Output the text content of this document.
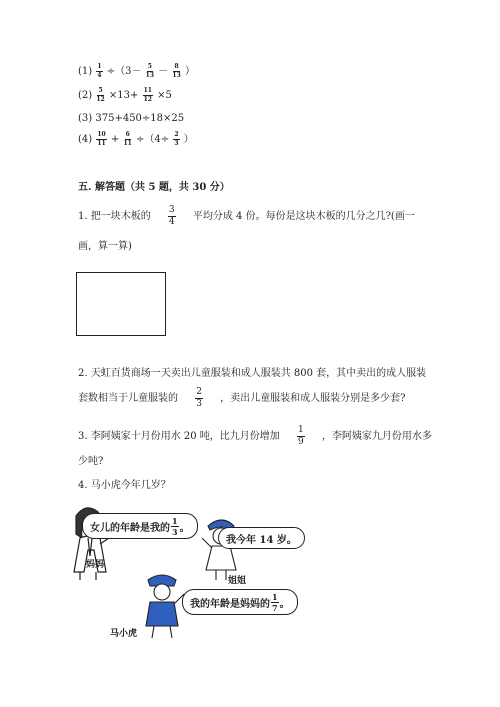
$(1) \frac{1}{4} \div(3- \frac{5}{13} - \frac{8}{13}$ ）
$(2) \frac{5}{12} \times 13+ \frac{11}{12} \times 5$
(3) 375+450÷18×25
$(4) \frac{10}{11} + \frac{6}{11} \div(4\div \frac{2}{3}$ ）
五. 解答题（共 5 题，共 30 分）
1. 把一块木板的 $\frac{3}{4}$ 平均分成 4 份。每份是这块木板的几分之几?(画一
画，算一算)
2. 天虹百货商场一天卖出儿童服装和成人服装共 800 套，其中卖出的成人服装
套数相当于儿童服装的 $\frac{2}{3}$ ，卖出儿童服装和成人服装分别是多少套?
3. 李阿姨家十月份用水 20 吨，比九月份增加 $\frac{1}{9}$ ，李阿姨家九月份用水多
少吨?
4. 马小虎今年几岁？
女儿的年龄是我的 $\frac{1}{3}$ 。
我今年 14 岁。
我的年龄是妈妈的 $\frac{1}{7}$ 。
妈妈
姐姐
马小虎
